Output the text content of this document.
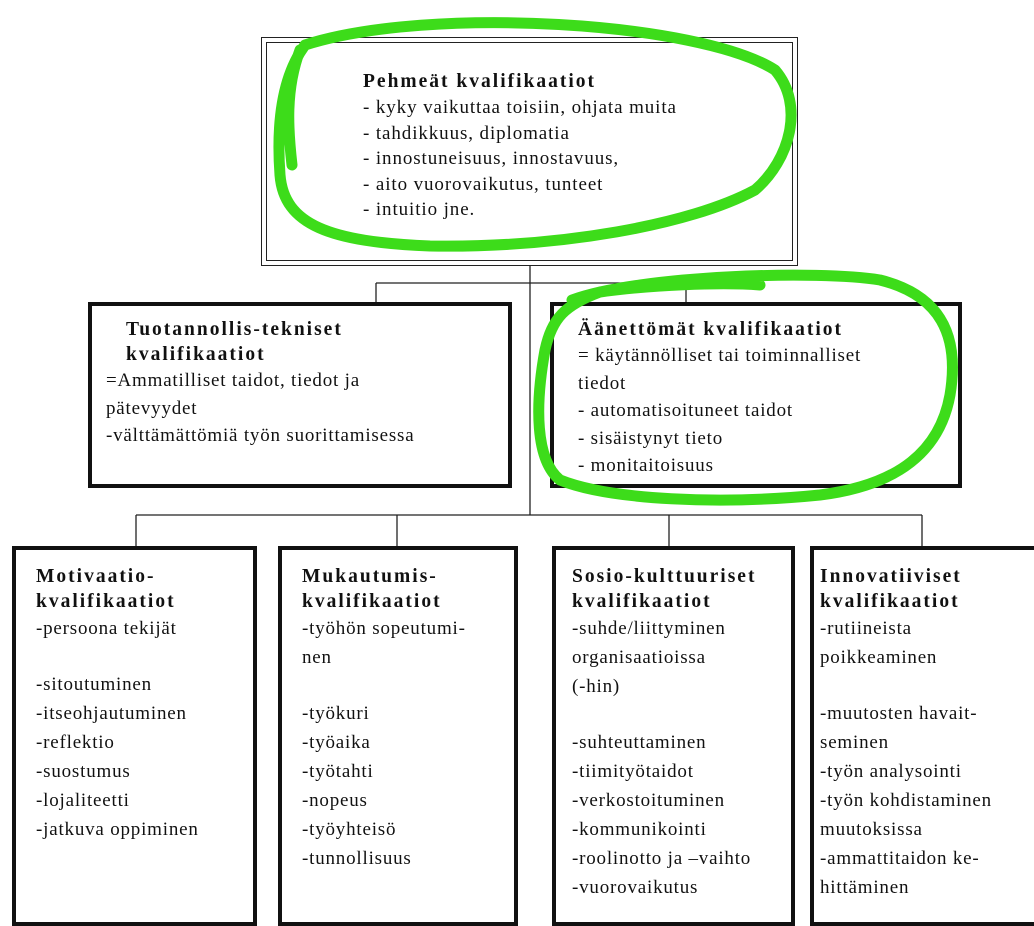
Pehmeät kvalifikaatiot

- kyky vaikuttaa toisiin, ohjata muita
- tahdikkuus, diplomatia
- innostuneisuus, innostavuus,
- aito vuorovaikutus, tunteet
- intuitio jne.

Tuotannollis-tekniset
kvalifikaatiot

=Ammatilliset taidot, tiedot ja
pätevyydet
-välttämättömiä työn suorittamisessa

Äänettömät kvalifikaatiot

= käytännölliset tai toiminnalliset
tiedot
- automatisoituneet taidot
- sisäistynyt tieto
- monitaitoisuus

Motivaatio-
kvalifikaatiot

-persoona tekijät
-sitoutuminen
-itseohjautuminen
-reflektio
-suostumus
-lojaliteetti
-jatkuva oppiminen

Mukautumis-
kvalifikaatiot

-työhön sopeutumi-
nen
-työkuri
-työaika
-työtahti
-nopeus
-työyhteisö
-tunnollisuus

Sosio-kulttuuriset
kvalifikaatiot

-suhde/liittyminen
organisaatioissa
(-hin)
-suhteuttaminen
-tiimityötaidot
-verkostoituminen
-kommunikointi
-roolinotto ja –vaihto
-vuorovaikutus

Innovatiiviset
kvalifikaatiot

-rutiineista
poikkeaminen
-muutosten havait-
seminen
-työn analysointi
-työn kohdistaminen
muutoksissa
-ammattitaidon ke-
hittäminen
